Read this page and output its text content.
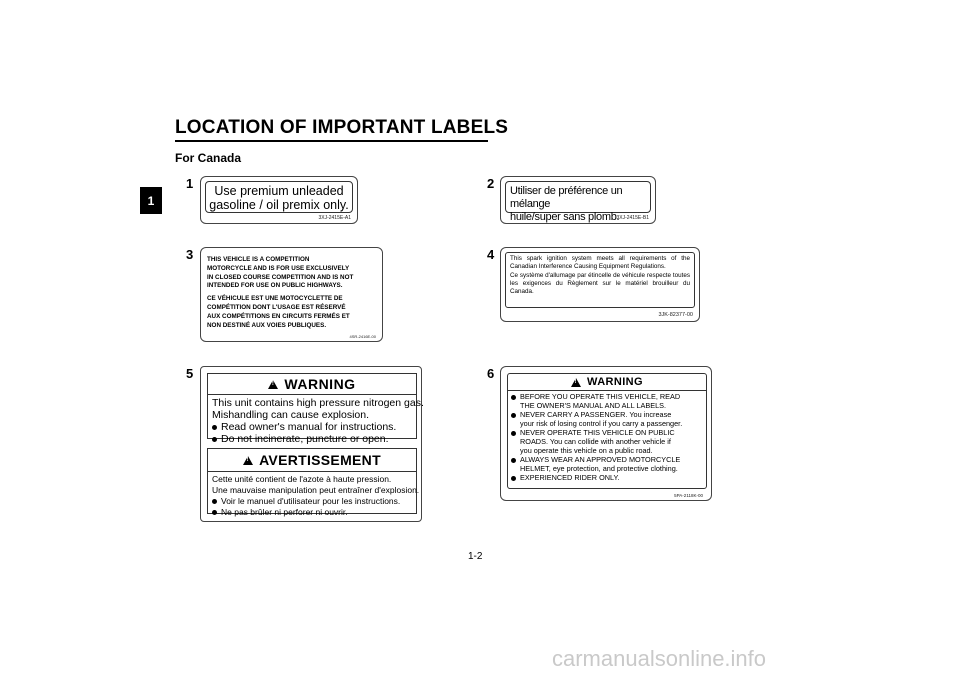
LOCATION OF IMPORTANT LABELS
For Canada
1
1	Use premium unleaded
gasoline / oil premix only.
3XJ-2415E-A1
2 Utiliser de préférence un mélange
huile/super sans plomb.
3XJ-2415E-B1
3 THIS VEHICLE IS A COMPETITION
MOTORCYCLE AND IS FOR USE EXCLUSIVELY
IN CLOSED COURSE COMPETITION AND IS NOT
INTENDED FOR USE ON PUBLIC HIGHWAYS.
CE VÉHICULE EST UNE MOTOCYCLETTE DE
COMPÉTITION DONT L'USAGE EST RÉSERVÉ
AUX COMPÉTITIONS EN CIRCUITS FERMÉS ET
NON DESTINÉ AUX VOIES PUBLIQUES.
4SR-2416E-00
4	This spark ignition system meets all requirements of the Canadian Interference Causing Equipment Regulations.
Ce système d'allumage par étincelle de véhicule respecte toutes les exigences du Règlement sur le matériel brouilleur du Canada.
3JK-82377-00
5
!
WARNING
This unit contains high pressure nitrogen gas.
Mishandling can cause explosion.
Read owner's manual for instructions.
Do not incinerate, puncture or open.
!
AVERTISSEMENT
Cette unité contient de l'azote à haute pression.
Une mauvaise manipulation peut entraîner d'explosion.
Voir le manuel d'utilisateur pour les instructions.
Ne pas brûler ni perforer ni ouvrir.
6
!
WARNING
BEFORE YOU OPERATE THIS VEHICLE, READ
THE OWNER'S MANUAL AND ALL LABELS.
NEVER CARRY A PASSENGER. You increase
your risk of losing control if you carry a passenger.
NEVER OPERATE THIS VEHICLE ON PUBLIC
ROADS. You can collide with another vehicle if
you operate this vehicle on a public road.
ALWAYS WEAR AN APPROVED MOTORCYCLE
HELMET, eye protection, and protective clothing.
EXPERIENCED RIDER ONLY.
5PA-2118K-00
1-2
carmanualsonline.info
